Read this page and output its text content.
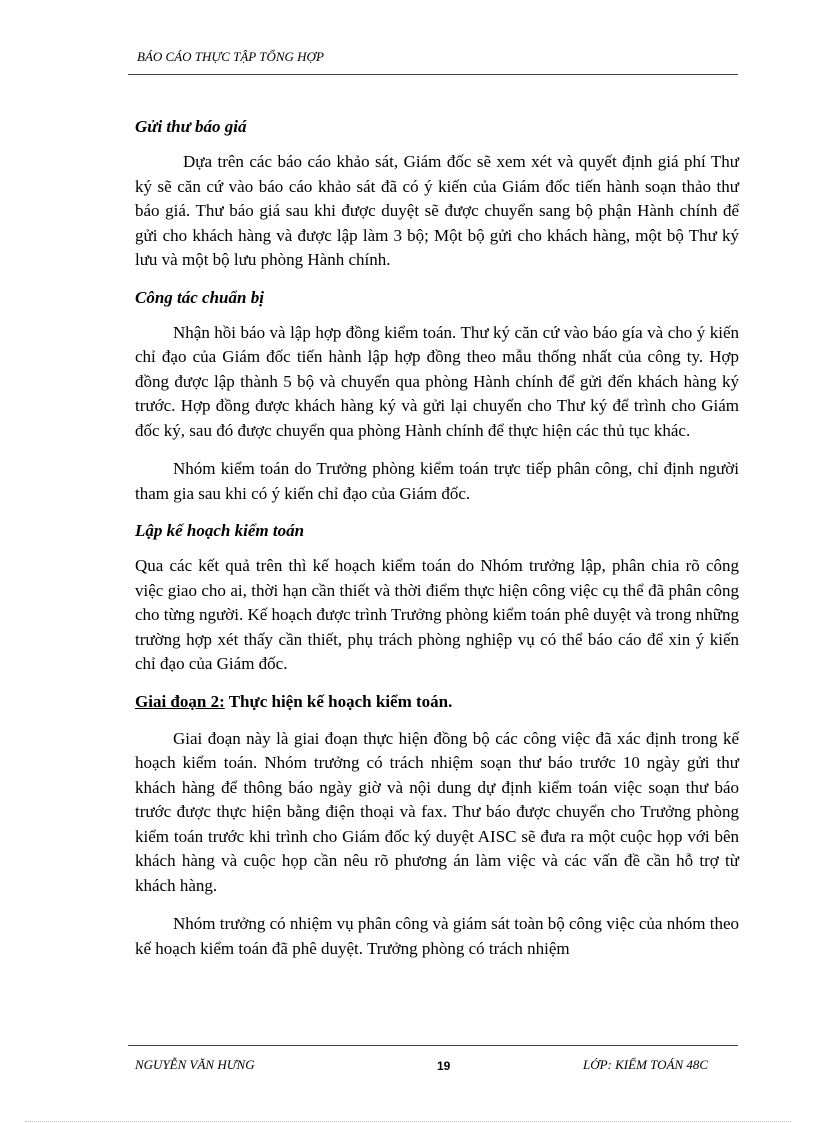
BÁO CÁO THỰC TẬP TỔNG HỢP
Gửi thư báo giá

Dựa trên các báo cáo khảo sát, Giám đốc sẽ xem xét và quyết định giá phí Thư ký sẽ căn cứ vào báo cáo khảo sát đã có ý kiến của Giám đốc tiến hành soạn thảo thư báo giá. Thư báo giá sau khi được duyệt sẽ được chuyển sang bộ phận Hành chính để gửi cho khách hàng và được lập làm 3 bộ; Một bộ gửi cho khách hàng, một bộ Thư ký lưu và một bộ lưu phòng Hành chính.

Công tác chuẩn bị

Nhận hồi báo và lập hợp đồng kiểm toán. Thư ký căn cứ vào báo gía và cho ý kiến chỉ đạo của Giám đốc tiến hành lập hợp đồng theo mẫu thống nhất của công ty. Hợp đồng được lập thành 5 bộ và chuyển qua phòng Hành chính để gửi đến khách hàng ký trước. Hợp đồng được khách hàng ký và gửi lại chuyển cho Thư ký để trình cho Giám đốc ký, sau đó được chuyển qua phòng Hành chính để thực hiện các thủ tục khác.

Nhóm kiểm toán do Trưởng phòng kiểm toán trực tiếp phân công, chỉ định người tham gia sau khi có ý kiến chỉ đạo của Giám đốc.

Lập kế hoạch kiểm toán

Qua các kết quả trên thì kế hoạch kiểm toán do Nhóm trưởng lập, phân chia rõ công việc giao cho ai, thời hạn cần thiết và thời điểm thực hiện công việc cụ thể đã phân công cho từng người. Kế hoạch được trình Trưởng phòng kiểm toán phê duyệt và trong những trường hợp xét thấy cần thiết, phụ trách phòng nghiệp vụ có thể báo cáo để xin ý kiến chỉ đạo của Giám đốc.

Giai đoạn 2: Thực hiện kế hoạch kiểm toán.

Giai đoạn này là giai đoạn thực hiện đồng bộ các công việc đã xác định trong kế hoạch kiểm toán. Nhóm trưởng có trách nhiệm soạn thư báo trước 10 ngày gửi thư khách hàng để thông báo ngày giờ và nội dung dự định kiểm toán việc soạn thư báo trước được thực hiện bằng điện thoại và fax. Thư báo được chuyển cho Trưởng phòng kiểm toán trước khi trình cho Giám đốc ký duyệt AISC sẽ đưa ra một cuộc họp với bên khách hàng và cuộc họp cần nêu rõ phương án làm việc và các vấn đề cần hỗ trợ từ khách hàng.

Nhóm trưởng có nhiệm vụ phân công và giám sát toàn bộ công việc của nhóm theo kế hoạch kiểm toán đã phê duyệt. Trưởng phòng có trách nhiệm

NGUYỄN VĂN HƯNG	19	LỚP: KIỂM TOÁN 48C
